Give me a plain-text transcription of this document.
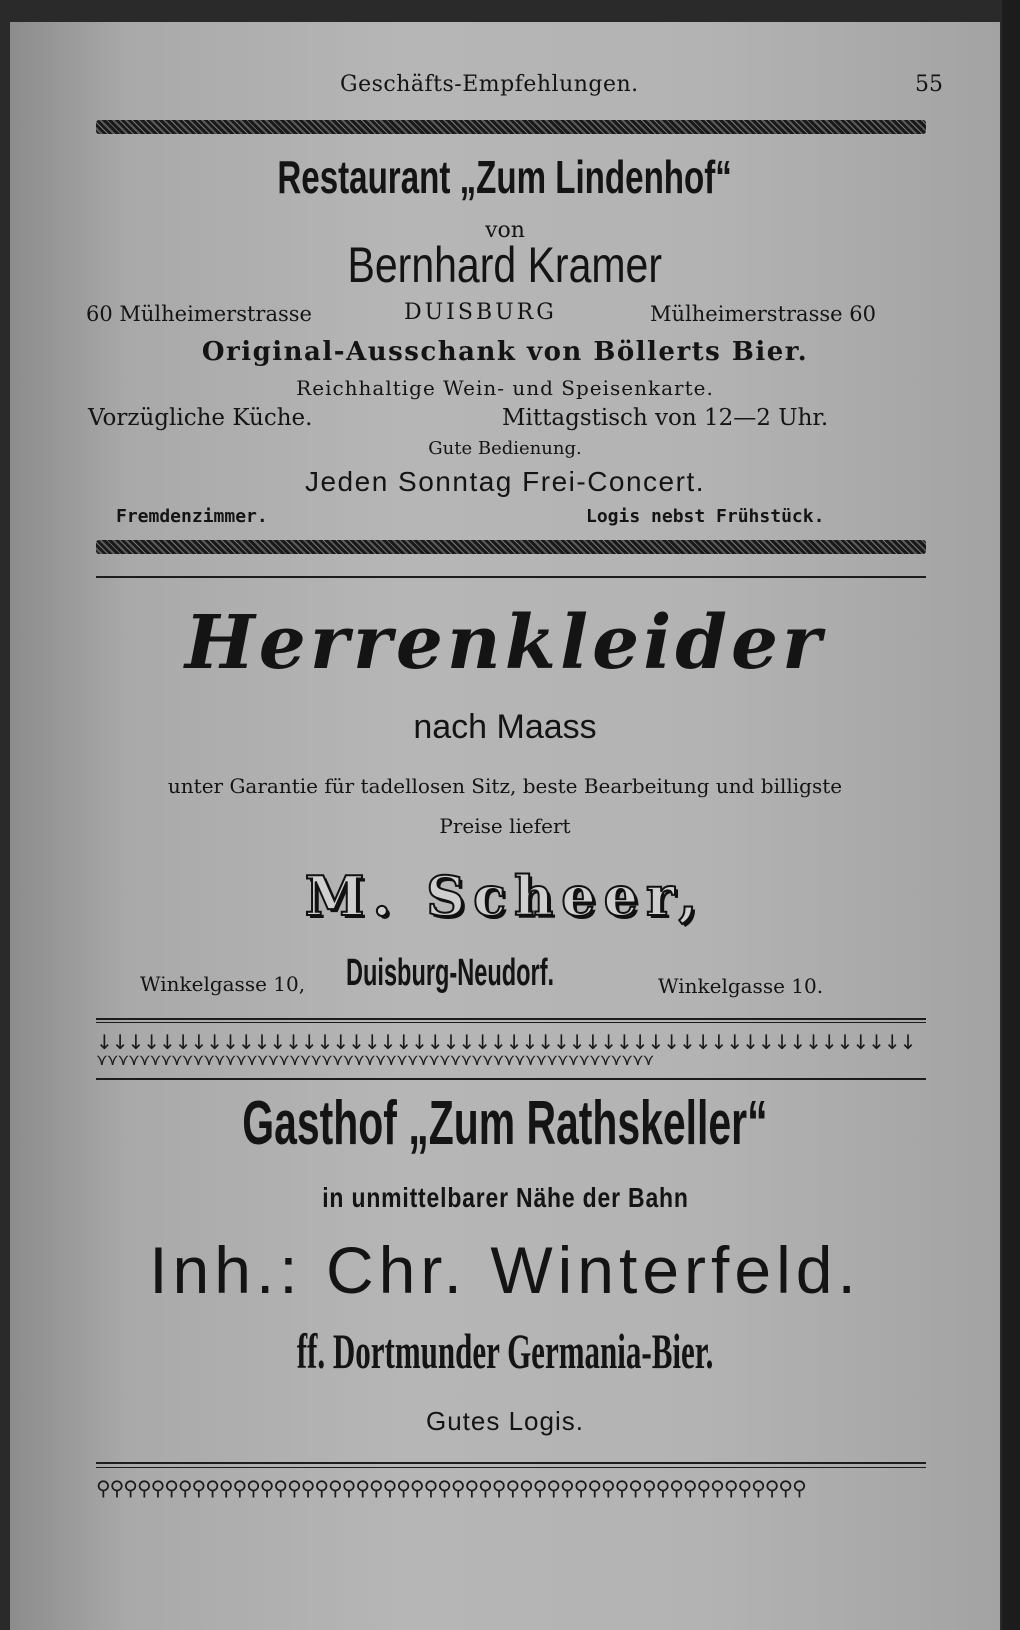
Geschäfts-Empfehlungen.	55
Restaurant „Zum Lindenhof“
von
Bernhard Kramer
60 Mülheimerstrasse	DUISBURG	Mülheimerstrasse 60
Original-Ausschank von Böllerts Bier.
Reichhaltige Wein- und Speisenkarte.
Vorzügliche Küche.	Mittagstisch von 12—2 Uhr.
Gute Bedienung.
Jeden Sonntag Frei-Concert.
Fremdenzimmer.	Logis nebst Frühstück.
Herrenkleider
nach Maass
unter Garantie für tadellosen Sitz, beste Bearbeitung und billigste
Preise liefert
M. Scheer,
Winkelgasse 10, Duisburg-Neudorf.	Winkelgasse 10.
↓↓↓↓↓↓↓↓↓↓↓↓↓↓↓↓↓↓↓↓↓↓↓↓↓↓↓↓↓↓↓↓↓↓↓↓↓↓↓↓↓↓↓↓↓↓↓↓↓↓↓↓
⋎⋎⋎⋎⋎⋎⋎⋎⋎⋎⋎⋎⋎⋎⋎⋎⋎⋎⋎⋎⋎⋎⋎⋎⋎⋎⋎⋎⋎⋎⋎⋎⋎⋎⋎⋎⋎⋎⋎⋎⋎⋎⋎⋎⋎⋎⋎⋎⋎⋎⋎⋎
Gasthof „Zum Rathskeller“
in unmittelbarer Nähe der Bahn
Inh.: Chr. Winterfeld.
ff. Dortmunder Germania-Bier.
Gutes Logis.
⚲⚲⚲⚲⚲⚲⚲⚲⚲⚲⚲⚲⚲⚲⚲⚲⚲⚲⚲⚲⚲⚲⚲⚲⚲⚲⚲⚲⚲⚲⚲⚲⚲⚲⚲⚲⚲⚲⚲⚲⚲⚲⚲⚲⚲⚲⚲⚲⚲⚲⚲⚲
